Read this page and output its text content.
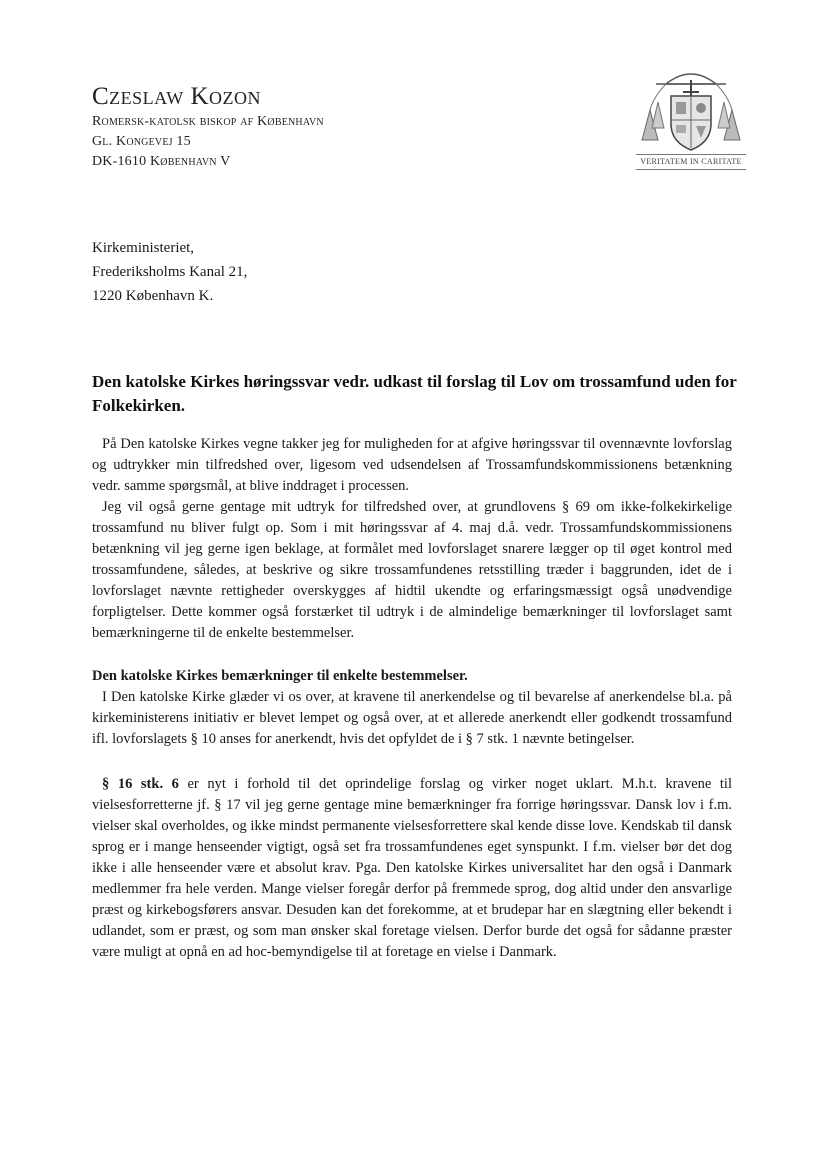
Czeslaw Kozon
Romersk-katolsk biskop af København
Gl. Kongevej 15
DK-1610 København V	VERITATEM IN CARITATE
Kirkeministeriet,
Frederiksholms Kanal 21,
1220 København K.
Den katolske Kirkes høringssvar vedr. udkast til forslag til Lov om trossamfund uden for Folkekirken.

På Den katolske Kirkes vegne takker jeg for muligheden for at afgive høringssvar til ovennævnte lovforslag og udtrykker min tilfredshed over, ligesom ved udsendelsen af Trossamfundskommissionens betænkning vedr. samme spørgsmål, at blive inddraget i processen.

Jeg vil også gerne gentage mit udtryk for tilfredshed over, at grundlovens § 69 om ikke-folkekirkelige trossamfund nu bliver fulgt op. Som i mit høringssvar af 4. maj d.å. vedr. Trossamfundskommissionens betænkning vil jeg gerne igen beklage, at formålet med lovforslaget snarere lægger op til øget kontrol med trossamfundene, således, at beskrive og sikre trossamfundenes retsstilling træder i baggrunden, idet de i lovforslaget nævnte rettigheder overskygges af hidtil ukendte og erfaringsmæssigt også unødvendige forpligtelser. Dette kommer også forstærket til udtryk i de almindelige bemærkninger til lovforslaget samt bemærkningerne til de enkelte bestemmelser.

Den katolske Kirkes bemærkninger til enkelte bestemmelser.

I Den katolske Kirke glæder vi os over, at kravene til anerkendelse og til bevarelse af anerkendelse bl.a. på kirkeministerens initiativ er blevet lempet og også over, at et allerede anerkendt eller godkendt trossamfund ifl. lovforslagets § 10 anses for anerkendt, hvis det opfyldet de i § 7 stk. 1 nævnte betingelser.

§ 16 stk. 6 er nyt i forhold til det oprindelige forslag og virker noget uklart. M.h.t. kravene til vielsesforretterne jf. § 17 vil jeg gerne gentage mine bemærkninger fra forrige høringssvar. Dansk lov i f.m. vielser skal overholdes, og ikke mindst permanente vielsesforrettere skal kende disse love. Kendskab til dansk sprog er i mange henseender vigtigt, også set fra trossamfundenes eget synspunkt. I f.m. vielser bør det dog ikke i alle henseender være et absolut krav. Pga. Den katolske Kirkes universalitet har den også i Danmark medlemmer fra hele verden. Mange vielser foregår derfor på fremmede sprog, dog altid under den ansvarlige præst og kirkebogsførers ansvar. Desuden kan det forekomme, at et brudepar har en slægtning eller bekendt i udlandet, som er præst, og som man ønsker skal foretage vielsen. Derfor burde det også for sådanne præster være muligt at opnå en ad hoc-bemyndigelse til at foretage en vielse i Danmark.
